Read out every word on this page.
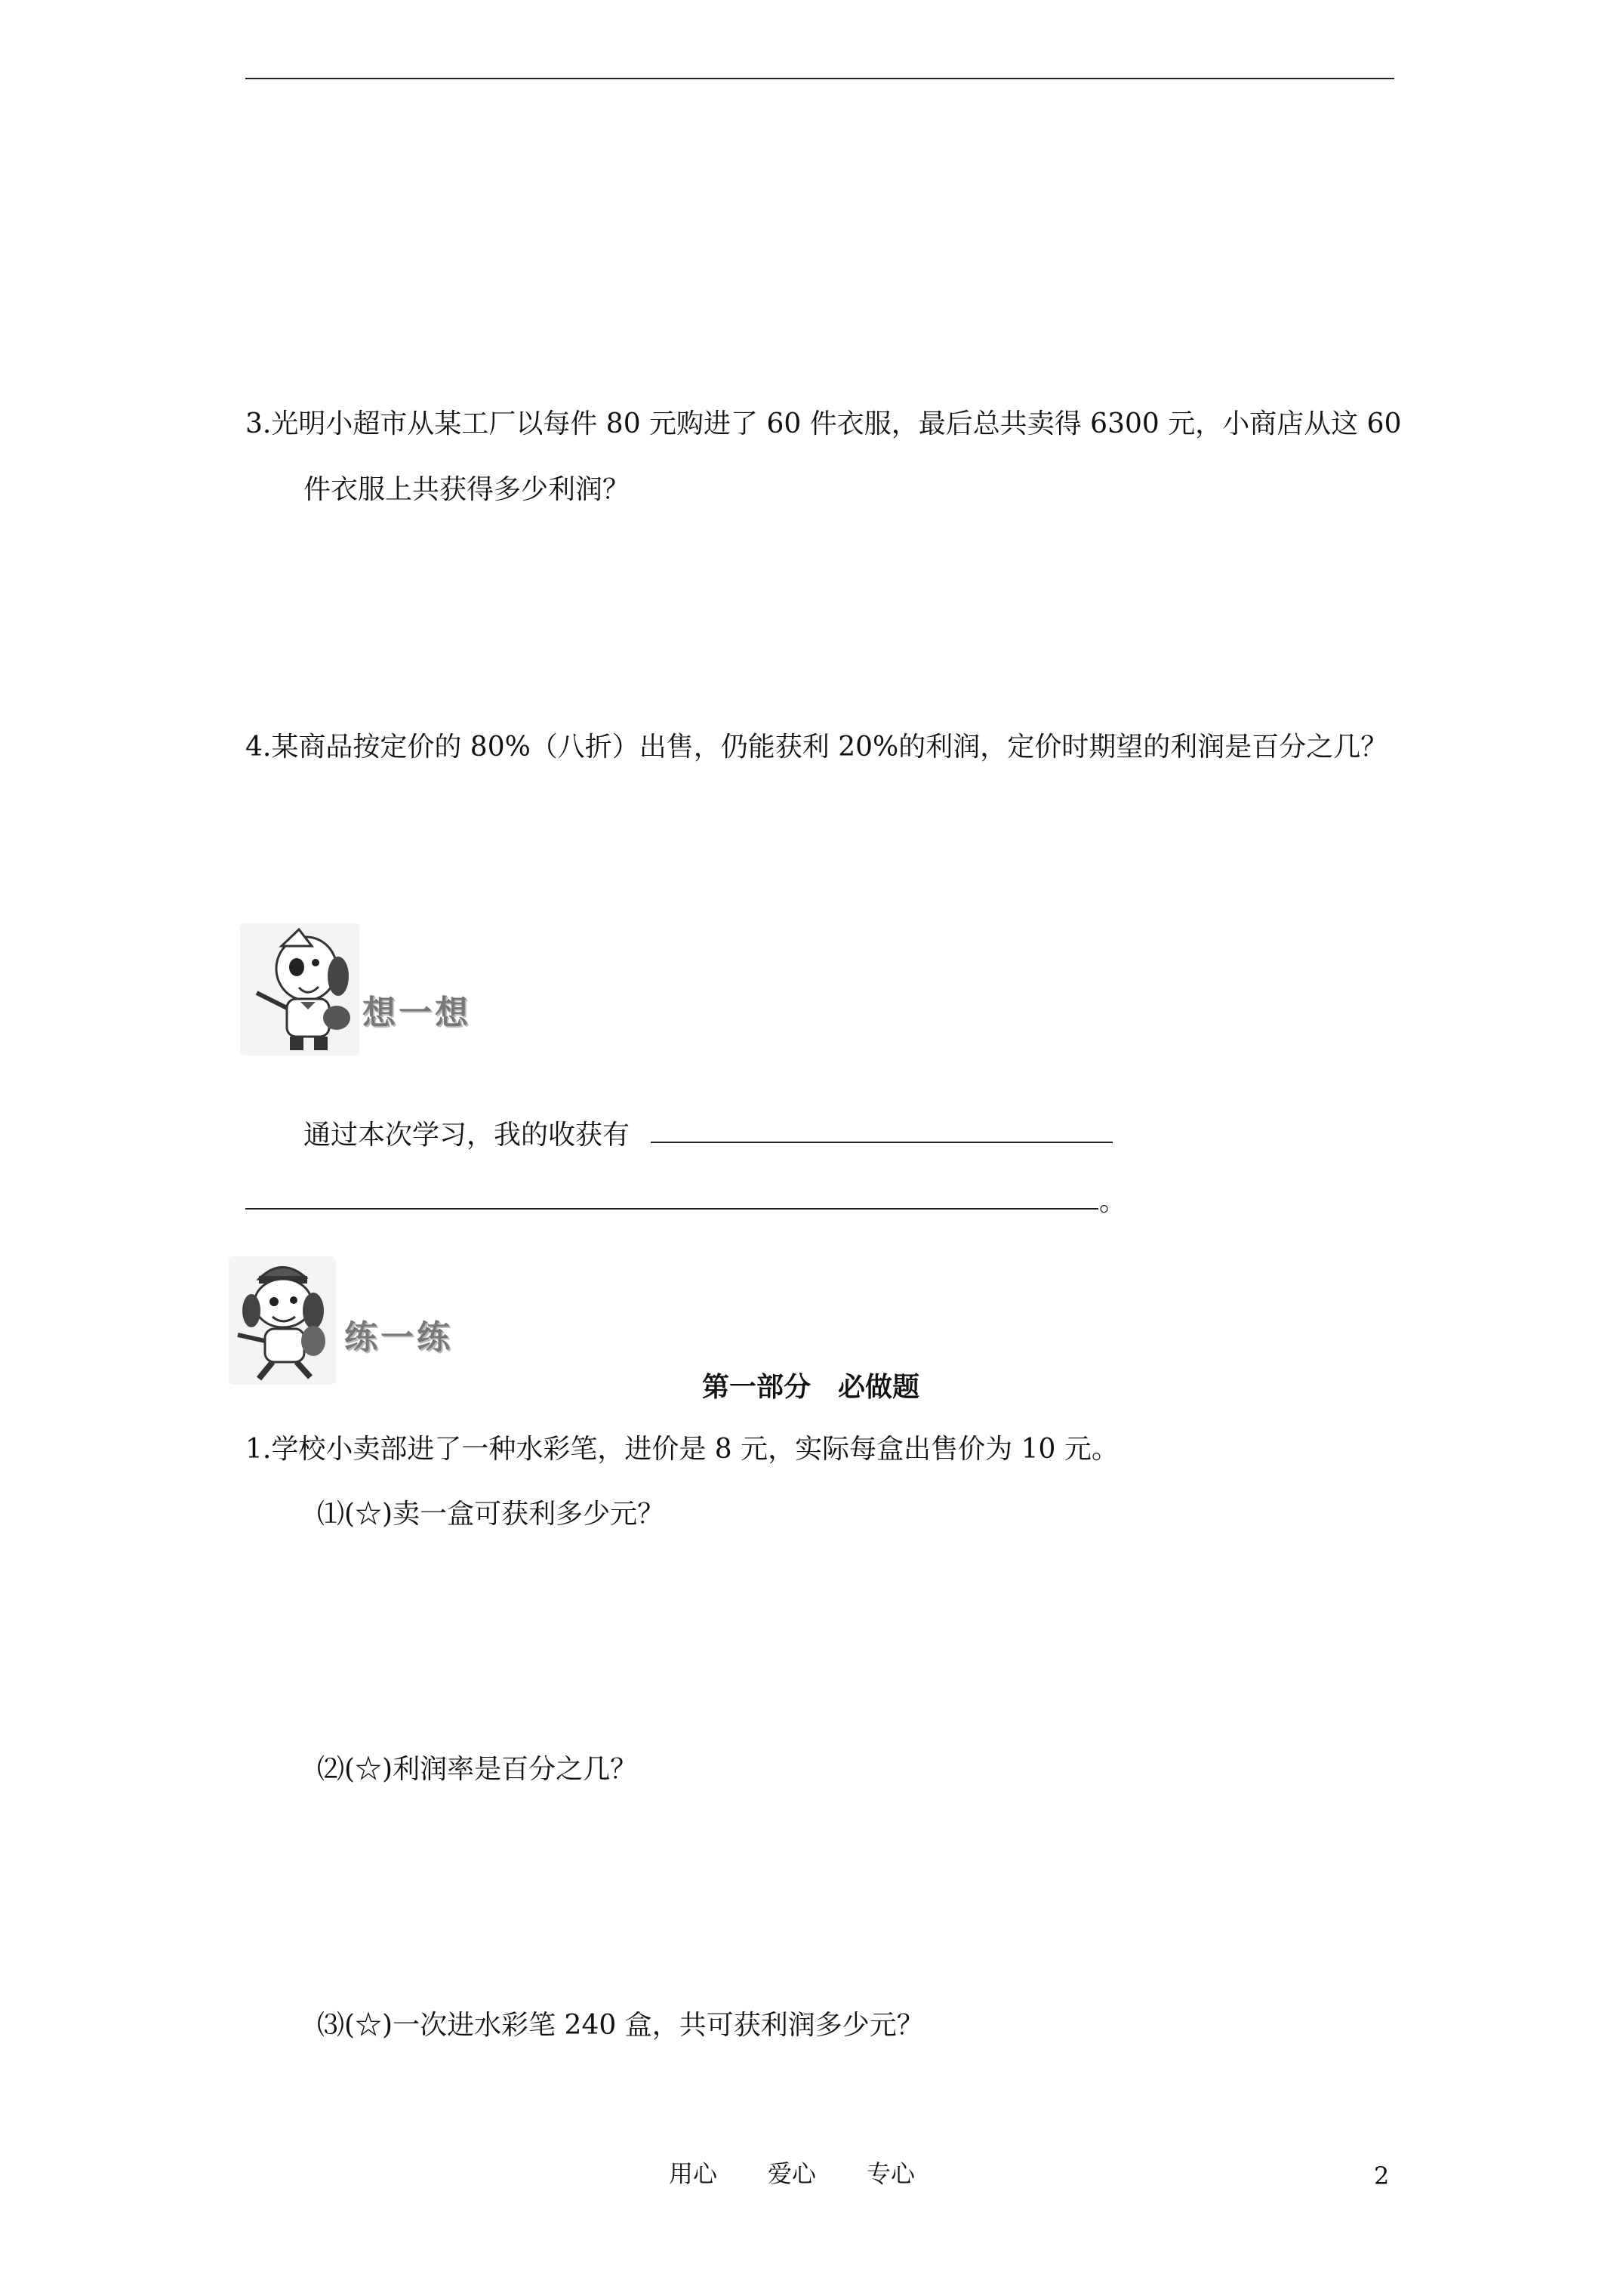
3.光明小超市从某工厂以每件 80 元购进了 60 件衣服，最后总共卖得 6300 元，小商店从这 60
件衣服上共获得多少利润？
4.某商品按定价的 80%（八折）出售，仍能获利 20%的利润，定价时期望的利润是百分之几？
想一想
通过本次学习，我的收获有
。
练一练
第一部分　必做题
1.学校小卖部进了一种水彩笔，进价是 8 元，实际每盒出售价为 10 元。
⑴(☆)卖一盒可获利多少元？
⑵(☆)利润率是百分之几？
⑶(☆)一次进水彩笔 240 盒，共可获利润多少元？
用心 爱心 专心	2
